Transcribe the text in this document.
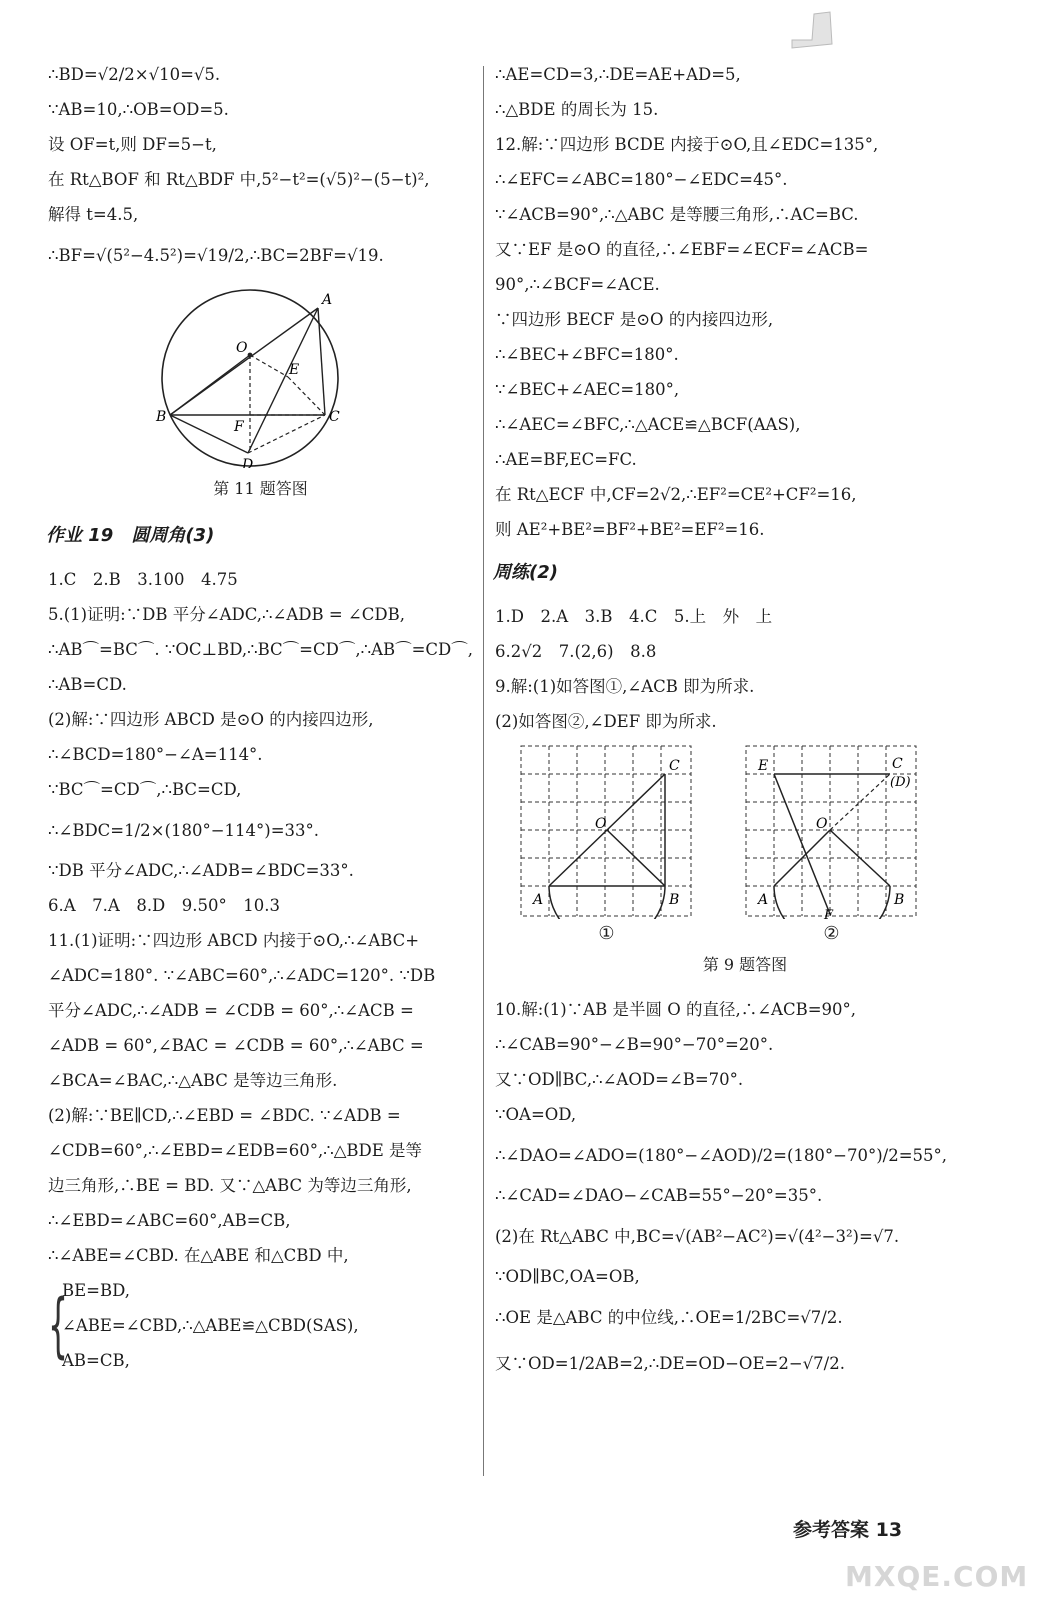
∴BD=√2/2×√10=√5.
∵AB=10,∴OB=OD=5.
设 OF=t,则 DF=5−t,
在 Rt△BOF 和 Rt△BDF 中,5²−t²=(√5)²−(5−t)²,
解得 t=4.5,
∴BF=√(5²−4.5²)=√19/2,∴BC=2BF=√19.
A
B	C
D
E
F
O
第 11 题答图
作业 19　圆周角(3)
1.C　2.B　3.100　4.75
5.(1)证明:∵DB 平分∠ADC,∴∠ADB = ∠CDB,
∴AB⌒=BC⌒. ∵OC⊥BD,∴BC⌒=CD⌒,∴AB⌒=CD⌒,
∴AB=CD.
(2)解:∵四边形 ABCD 是⊙O 的内接四边形,
∴∠BCD=180°−∠A=114°.
∵BC⌒=CD⌒,∴BC=CD,
∴∠BDC=1/2×(180°−114°)=33°.
∵DB 平分∠ADC,∴∠ADB=∠BDC=33°.
6.A　7.A　8.D　9.50°　10.3
11.(1)证明:∵四边形 ABCD 内接于⊙O,∴∠ABC+
∠ADC=180°. ∵∠ABC=60°,∴∠ADC=120°. ∵DB
平分∠ADC,∴∠ADB = ∠CDB = 60°,∴∠ACB =
∠ADB = 60°,∠BAC = ∠CDB = 60°,∴∠ABC =
∠BCA=∠BAC,∴△ABC 是等边三角形.
(2)解:∵BE∥CD,∴∠EBD = ∠BDC. ∵∠ADB =
∠CDB=60°,∴∠EBD=∠EDB=60°,∴△BDE 是等
边三角形,∴BE = BD. 又∵△ABC 为等边三角形,
∴∠EBD=∠ABC=60°,AB=CB,
∴∠ABE=∠CBD. 在△ABE 和△CBD 中,
{
BE=BD,
∠ABE=∠CBD,∴△ABE≌△CBD(SAS),
AB=CB,
∴AE=CD=3,∴DE=AE+AD=5,
∴△BDE 的周长为 15.
12.解:∵四边形 BCDE 内接于⊙O,且∠EDC=135°,
∴∠EFC=∠ABC=180°−∠EDC=45°.
∵∠ACB=90°,∴△ABC 是等腰三角形,∴AC=BC.
又∵EF 是⊙O 的直径,∴∠EBF=∠ECF=∠ACB=
90°,∴∠BCF=∠ACE.
∵四边形 BECF 是⊙O 的内接四边形,
∴∠BEC+∠BFC=180°.
∵∠BEC+∠AEC=180°,
∴∠AEC=∠BFC,∴△ACE≌△BCF(AAS),
∴AE=BF,EC=FC.
在 Rt△ECF 中,CF=2√2,∴EF²=CE²+CF²=16,
则 AE²+BE²=BF²+BE²=EF²=16.
周练(2)
1.D　2.A　3.B　4.C　5.上　外　上
6.2√2　7.(2,6)　8.8
9.解:(1)如答图①,∠ACB 即为所求.
(2)如答图②,∠DEF 即为所求.
C
O
A	B
①
E	C
(D)
O
A	B
F
②
第 9 题答图
10.解:(1)∵AB 是半圆 O 的直径,∴∠ACB=90°,
∴∠CAB=90°−∠B=90°−70°=20°.
又∵OD∥BC,∴∠AOD=∠B=70°.
∵OA=OD,
∴∠DAO=∠ADO=(180°−∠AOD)/2=(180°−70°)/2=55°,
∴∠CAD=∠DAO−∠CAB=55°−20°=35°.
(2)在 Rt△ABC 中,BC=√(AB²−AC²)=√(4²−3²)=√7.
∵OD∥BC,OA=OB,
∴OE 是△ABC 的中位线,∴OE=1/2BC=√7/2.
又∵OD=1/2AB=2,∴DE=OD−OE=2−√7/2.
参考答案 13
MXQE.COM
